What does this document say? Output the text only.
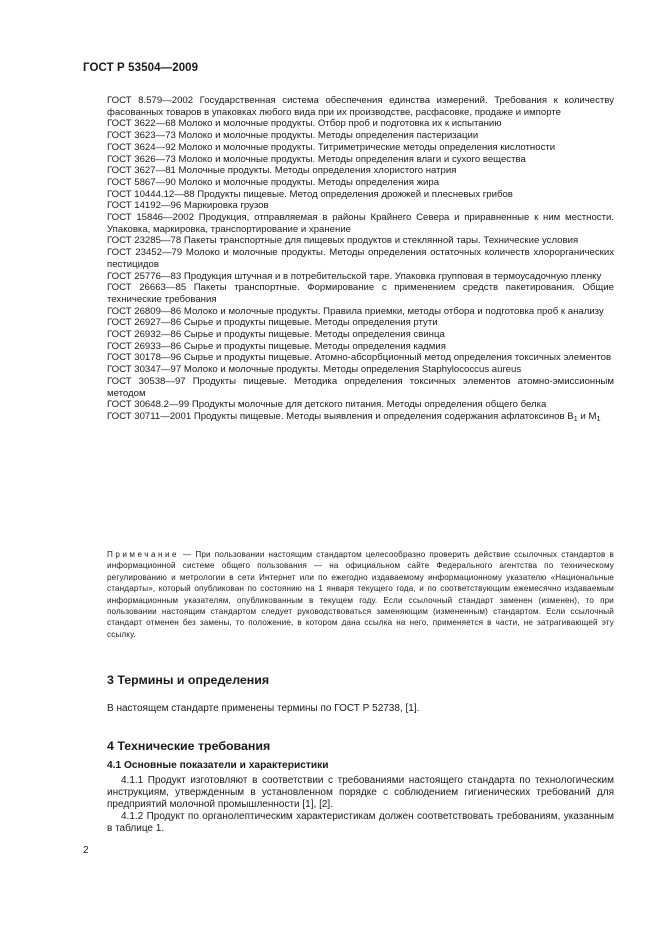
ГОСТ Р 53504—2009

ГОСТ 8.579—2002 Государственная система обеспечения единства измерений. Требования к количеству фасованных товаров в упаковках любого вида при их производстве, расфасовке, продаже и импорте

ГОСТ 3622—68 Молоко и молочные продукты. Отбор проб и подготовка их к испытанию

ГОСТ 3623—73 Молоко и молочные продукты. Методы определения пастеризации

ГОСТ 3624—92 Молоко и молочные продукты. Титриметрические методы определения кислотности

ГОСТ 3626—73 Молоко и молочные продукты. Методы определения влаги и сухого вещества

ГОСТ 3627—81 Молочные продукты. Методы определения хлористого натрия

ГОСТ 5867—90 Молоко и молочные продукты. Методы определения жира

ГОСТ 10444.12—88 Продукты пищевые. Метод определения дрожжей и плесневых грибов

ГОСТ 14192—96 Маркировка грузов

ГОСТ 15846—2002 Продукция, отправляемая в районы Крайнего Севера и приравненные к ним местности. Упаковка, маркировка, транспортирование и хранение

ГОСТ 23285—78 Пакеты транспортные для пищевых продуктов и стеклянной тары. Технические условия

ГОСТ 23452—79 Молоко и молочные продукты. Методы определения остаточных количеств хлорорганических пестицидов

ГОСТ 25776—83 Продукция штучная и в потребительской таре. Упаковка групповая в термоусадочную пленку

ГОСТ 26663—85 Пакеты транспортные. Формирование с применением средств пакетирования. Общие технические требования

ГОСТ 26809—86 Молоко и молочные продукты. Правила приемки, методы отбора и подготовка проб к анализу

ГОСТ 26927—86 Сырье и продукты пищевые. Методы определения ртути

ГОСТ 26932—86 Сырье и продукты пищевые. Методы определения свинца

ГОСТ 26933—86 Сырье и продукты пищевые. Методы определения кадмия

ГОСТ 30178—96 Сырье и продукты пищевые. Атомно-абсорбционный метод определения токсичных элементов

ГОСТ 30347—97 Молоко и молочные продукты. Методы определения Staphylococcus aureus

ГОСТ 30538—97 Продукты пищевые. Методика определения токсичных элементов атомно-эмиссионным методом

ГОСТ 30648.2—99 Продукты молочные для детского питания. Методы определения общего белка

ГОСТ 30711—2001 Продукты пищевые. Методы выявления и определения содержания афлатоксинов $В_1$ и $М_1$

Примечание — При пользовании настоящим стандартом целесообразно проверить действие ссылочных стандартов в информационной системе общего пользования — на официальном сайте Федерального агентства по техническому регулированию и метрологии в сети Интернет или по ежегодно издаваемому информационному указателю «Национальные стандарты», который опубликован по состоянию на 1 января текущего года, и по соответствующим ежемесячно издаваемым информационным указателям, опубликованным в текущем году. Если ссылочный стандарт заменен (изменен), то при пользовании настоящим стандартом следует руководствоваться заменяющим (измененным) стандартом. Если ссылочный стандарт отменен без замены, то положение, в котором дана ссылка на него, применяется в части, не затрагивающей эту ссылку.
3 Термины и определения

В настоящем стандарте применены термины по ГОСТ Р 52738, [1].

4 Технические требования
4.1 Основные показатели и характеристики

4.1.1 Продукт изготовляют в соответствии с требованиями настоящего стандарта по технологическим инструкциям, утвержденным в установленном порядке с соблюдением гигиенических требований для предприятий молочной промышленности [1], [2].

4.1.2 Продукт по органолептическим характеристикам должен соответствовать требованиям, указанным в таблице 1.

2
